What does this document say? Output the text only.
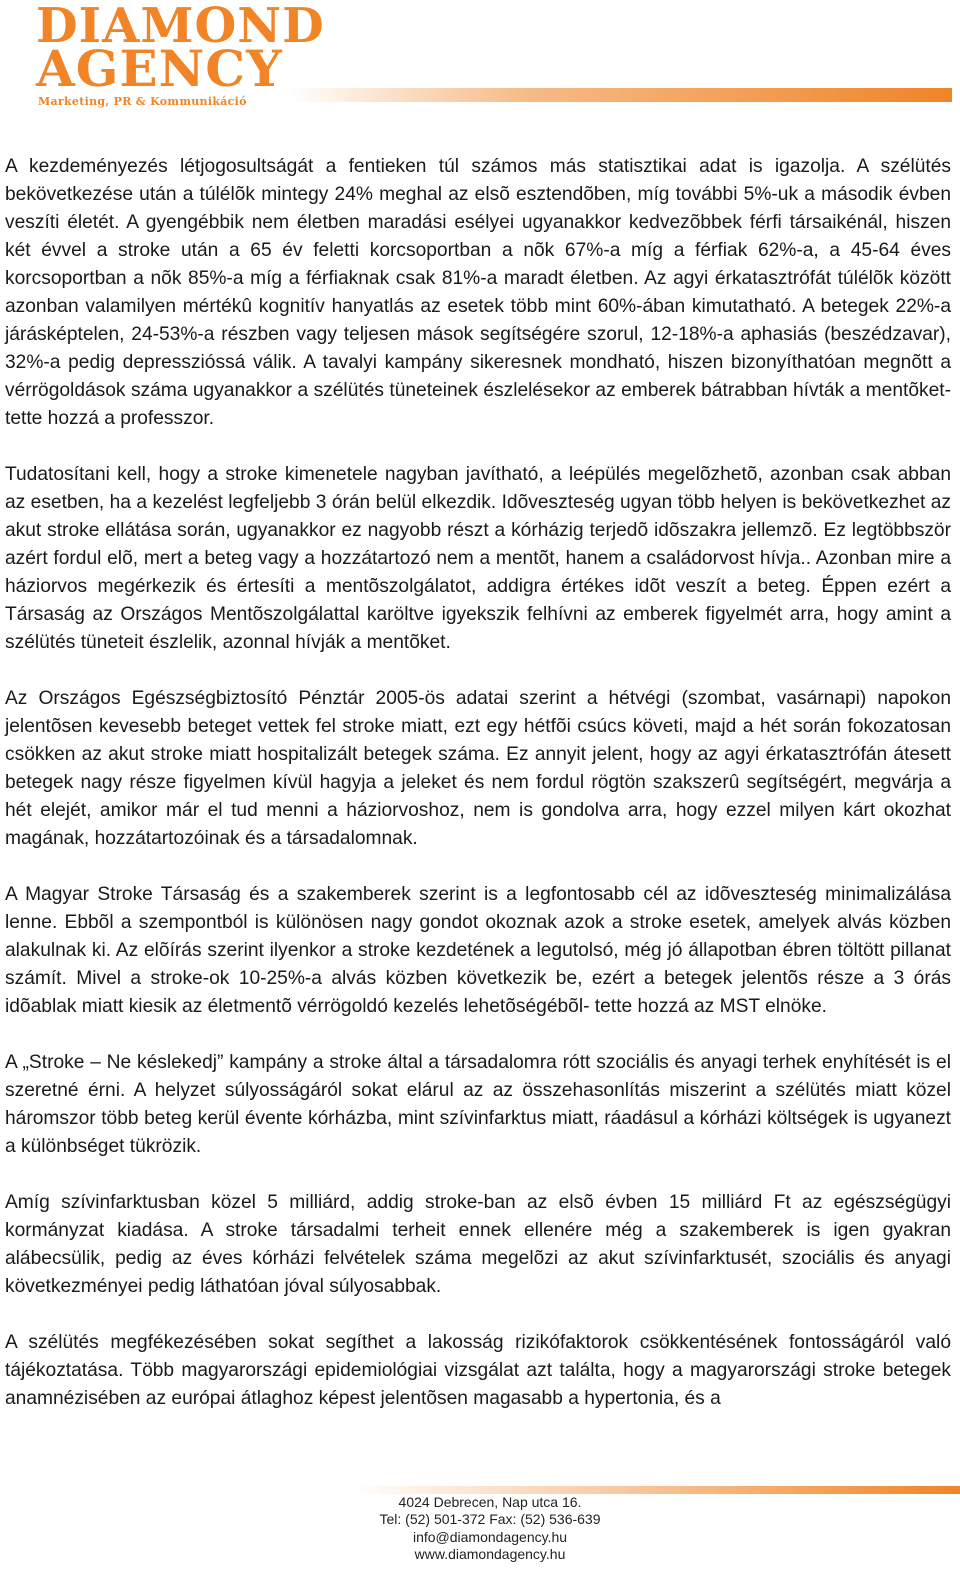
DIAMOND
AGENCY
Marketing, PR & Kommunikáció

A kezdeményezés létjogosultságát a fentieken túl számos más statisztikai adat is igazolja. A szélütés bekövetkezése után a túlélõk mintegy 24% meghal az elsõ esztendõben, míg további 5%-uk a második évben veszíti életét. A gyengébbik nem életben maradási esélyei ugyanakkor kedvezõbbek férfi társaikénál, hiszen két évvel a stroke után a 65 év feletti korcsoportban a nõk 67%-a míg a férfiak 62%-a, a 45-64 éves korcsoportban a nõk 85%-a míg a férfiaknak csak 81%-a maradt életben. Az agyi érkatasztrófát túlélõk között azonban valamilyen mértékû kognitív hanyatlás az esetek több mint 60%-ában kimutatható. A betegek 22%-a járásképtelen, 24-53%-a részben vagy teljesen mások segítségére szorul, 12-18%-a aphasiás (beszédzavar), 32%-a pedig depresszióssá válik. A tavalyi kampány sikeresnek mondható, hiszen bizonyíthatóan megnõtt a vérrögoldások száma ugyanakkor a szélütés tüneteinek észlelésekor az emberek bátrabban hívták a mentõket- tette hozzá a professzor.

Tudatosítani kell, hogy a stroke kimenetele nagyban javítható, a leépülés megelõzhetõ, azonban csak abban az esetben, ha a kezelést legfeljebb 3 órán belül elkezdik. Idõveszteség ugyan több helyen is bekövetkezhet az akut stroke ellátása során, ugyanakkor ez nagyobb részt a kórházig terjedõ idõszakra jellemzõ. Ez legtöbbször azért fordul elõ, mert a beteg vagy a hozzátartozó nem a mentõt, hanem a családorvost hívja.. Azonban mire a háziorvos megérkezik és értesíti a mentõszolgálatot, addigra értékes idõt veszít a beteg. Éppen ezért a Társaság az Országos Mentõszolgálattal karöltve igyekszik felhívni az emberek figyelmét arra, hogy amint a szélütés tüneteit észlelik, azonnal hívják a mentõket.

Az Országos Egészségbiztosító Pénztár 2005-ös adatai szerint a hétvégi (szombat, vasárnapi) napokon jelentõsen kevesebb beteget vettek fel stroke miatt, ezt egy hétfõi csúcs követi, majd a hét során fokozatosan csökken az akut stroke miatt hospitalizált betegek száma. Ez annyit jelent, hogy az agyi érkatasztrófán átesett betegek nagy része figyelmen kívül hagyja a jeleket és nem fordul rögtön szakszerû segítségért, megvárja a hét elejét, amikor már el tud menni a háziorvoshoz, nem is gondolva arra, hogy ezzel milyen kárt okozhat magának, hozzátartozóinak és a társadalomnak.

A Magyar Stroke Társaság és a szakemberek szerint is a legfontosabb cél az idõveszteség minimalizálása lenne. Ebbõl a szempontból is különösen nagy gondot okoznak azok a stroke esetek, amelyek alvás közben alakulnak ki. Az elõírás szerint ilyenkor a stroke kezdetének a legutolsó, még jó állapotban ébren töltött pillanat számít. Mivel a stroke-ok 10-25%-a alvás közben következik be, ezért a betegek jelentõs része a 3 órás idõablak miatt kiesik az életmentõ vérrögoldó kezelés lehetõségébõl- tette hozzá az MST elnöke.

A „Stroke – Ne késlekedj” kampány a stroke által a társadalomra rótt szociális és anyagi terhek enyhítését is el szeretné érni. A helyzet súlyosságáról sokat elárul az az összehasonlítás miszerint a szélütés miatt közel háromszor több beteg kerül évente kórházba, mint szívinfarktus miatt, ráadásul a kórházi költségek is ugyanezt a különbséget tükrözik.

Amíg szívinfarktusban közel 5 milliárd, addig stroke-ban az elsõ évben 15 milliárd Ft az egészségügyi kormányzat kiadása. A stroke társadalmi terheit ennek ellenére még a szakemberek is igen gyakran alábecsülik, pedig az éves kórházi felvételek száma megelõzi az akut szívinfarktusét, szociális és anyagi következményei pedig láthatóan jóval súlyosabbak.

A szélütés megfékezésében sokat segíthet a lakosság rizikófaktorok csökkentésének fontosságáról való tájékoztatása. Több magyarországi epidemiológiai vizsgálat azt találta, hogy a magyarországi stroke betegek anamnézisében az európai átlaghoz képest jelentõsen magasabb a hypertonia, és a

4024 Debrecen, Nap utca 16.
Tel: (52) 501-372 Fax: (52) 536-639
info@diamondagency.hu
www.diamondagency.hu
